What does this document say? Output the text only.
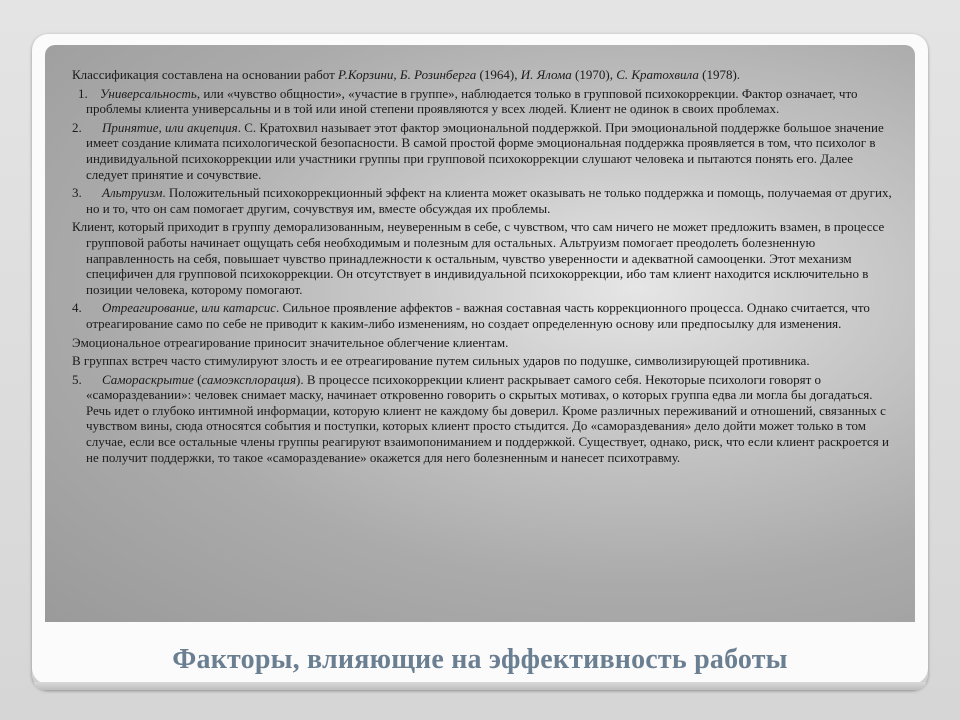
Классификация составлена на основании работ Р.Корзини, Б. Розинберга (1964), И. Ялома (1970), С. Кратохвила (1978).

1. Универсальность, или «чувство общности», «участие в группе», наблюдается только в групповой психокоррекции. Фактор означает, что проблемы клиента универсальны и в той или иной степени проявляются у всех людей. Клиент не одинок в своих проблемах.

2. Принятие, или акцепция. С. Кратохвил называет этот фактор эмоциональной поддержкой. При эмоциональной поддержке большое значение имеет создание климата психологической безопасности. В самой простой форме эмоциональная поддержка проявляется в том, что психолог в индивидуальной психокоррекции или участники группы при групповой психокоррекции слушают человека и пытаются понять его. Далее следует принятие и сочувствие.

3. Альтруизм. Положительный психокоррекционный эффект на клиента может оказывать не только поддержка и помощь, получаемая от других, но и то, что он сам помогает другим, сочувствуя им, вместе обсуждая их проблемы.

Клиент, который приходит в группу деморализованным, неуверенным в себе, с чувством, что сам ничего не может предложить взамен, в процессе групповой работы начинает ощущать себя необходимым и полезным для остальных. Альтруизм помогает преодолеть болезненную направленность на себя, повышает чувство принадлежности к остальным, чувство уверенности и адекватной самооценки. Этот механизм специфичен для групповой психокоррекции. Он отсутствует в индивидуальной психокоррекции, ибо там клиент находится исключительно в позиции человека, которому помогают.

4. Отреагирование, или катарсис. Сильное проявление аффектов - важная составная часть коррекционного процесса. Однако считается, что отреагирование само по себе не приводит к каким-либо изменениям, но создает определенную основу или предпосылку для изменения.

Эмоциональное отреагирование приносит значительное облегчение клиентам.

В группах встреч часто стимулируют злость и ее отреагирование путем сильных ударов по подушке, символизирующей противника.

5. Самораскрытие (самоэксплорация). В процессе психокоррекции клиент раскрывает самого себя. Некоторые психологи говорят о «самораздевании»: человек снимает маску, начинает откровенно говорить о скрытых мотивах, о которых группа едва ли могла бы догадаться. Речь идет о глубоко интимной информации, которую клиент не каждому бы доверил. Кроме различных переживаний и отношений, связанных с чувством вины, сюда относятся события и поступки, которых клиент просто стыдится. До «самораздевания» дело дойти может только в том случае, если все остальные члены группы реагируют взаимопониманием и поддержкой. Существует, однако, риск, что если клиент раскроется и не получит поддержки, то такое «самораздевание» окажется для него болезненным и нанесет психотравму.

Факторы, влияющие на эффективность работы
